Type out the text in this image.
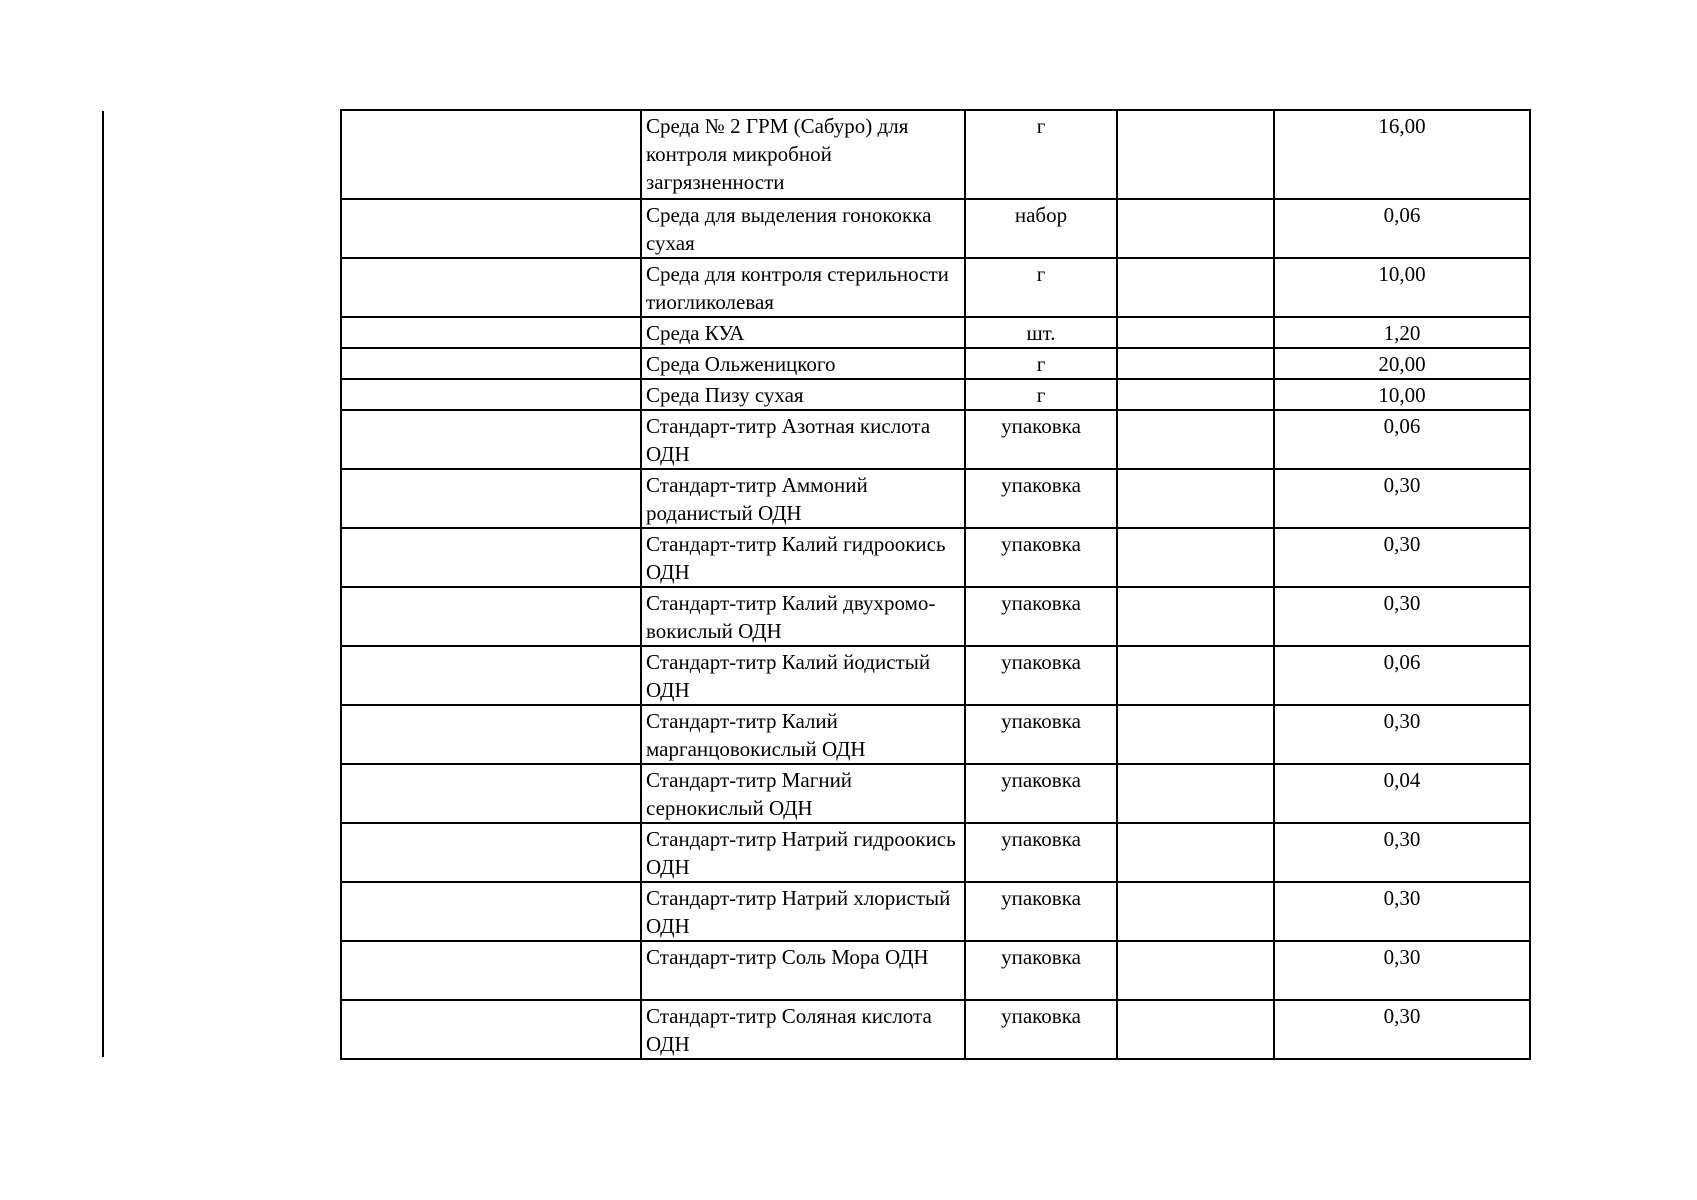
	Среда № 2 ГРМ (Сабуро) для контроля микробной загрязненности	г		16,00
	Среда для выделения гонококка сухая	набор		0,06
	Среда для контроля стерильности тиогликолевая	г		10,00
	Среда КУА	шт.		1,20
	Среда Ольженицкого	г		20,00
	Среда Пизу сухая	г		10,00
	Стандарт-титр Азотная кислота ОДН	упаковка		0,06
	Стандарт-титр Аммоний роданистый ОДН	упаковка		0,30
	Стандарт-титр Калий гидроокись ОДН	упаковка		0,30
	Стандарт-титр Калий двухромо-вокислый ОДН	упаковка		0,30
	Стандарт-титр Калий йодистый ОДН	упаковка		0,06
	Стандарт-титр Калий марганцовокислый ОДН	упаковка		0,30
	Стандарт-титр Магний сернокислый ОДН	упаковка		0,04
	Стандарт-титр Натрий гидроокись ОДН	упаковка		0,30
	Стандарт-титр Натрий хлористый ОДН	упаковка		0,30
	Стандарт-титр Соль Мора ОДН	упаковка		0,30
	Стандарт-титр Соляная кислота ОДН	упаковка		0,30
